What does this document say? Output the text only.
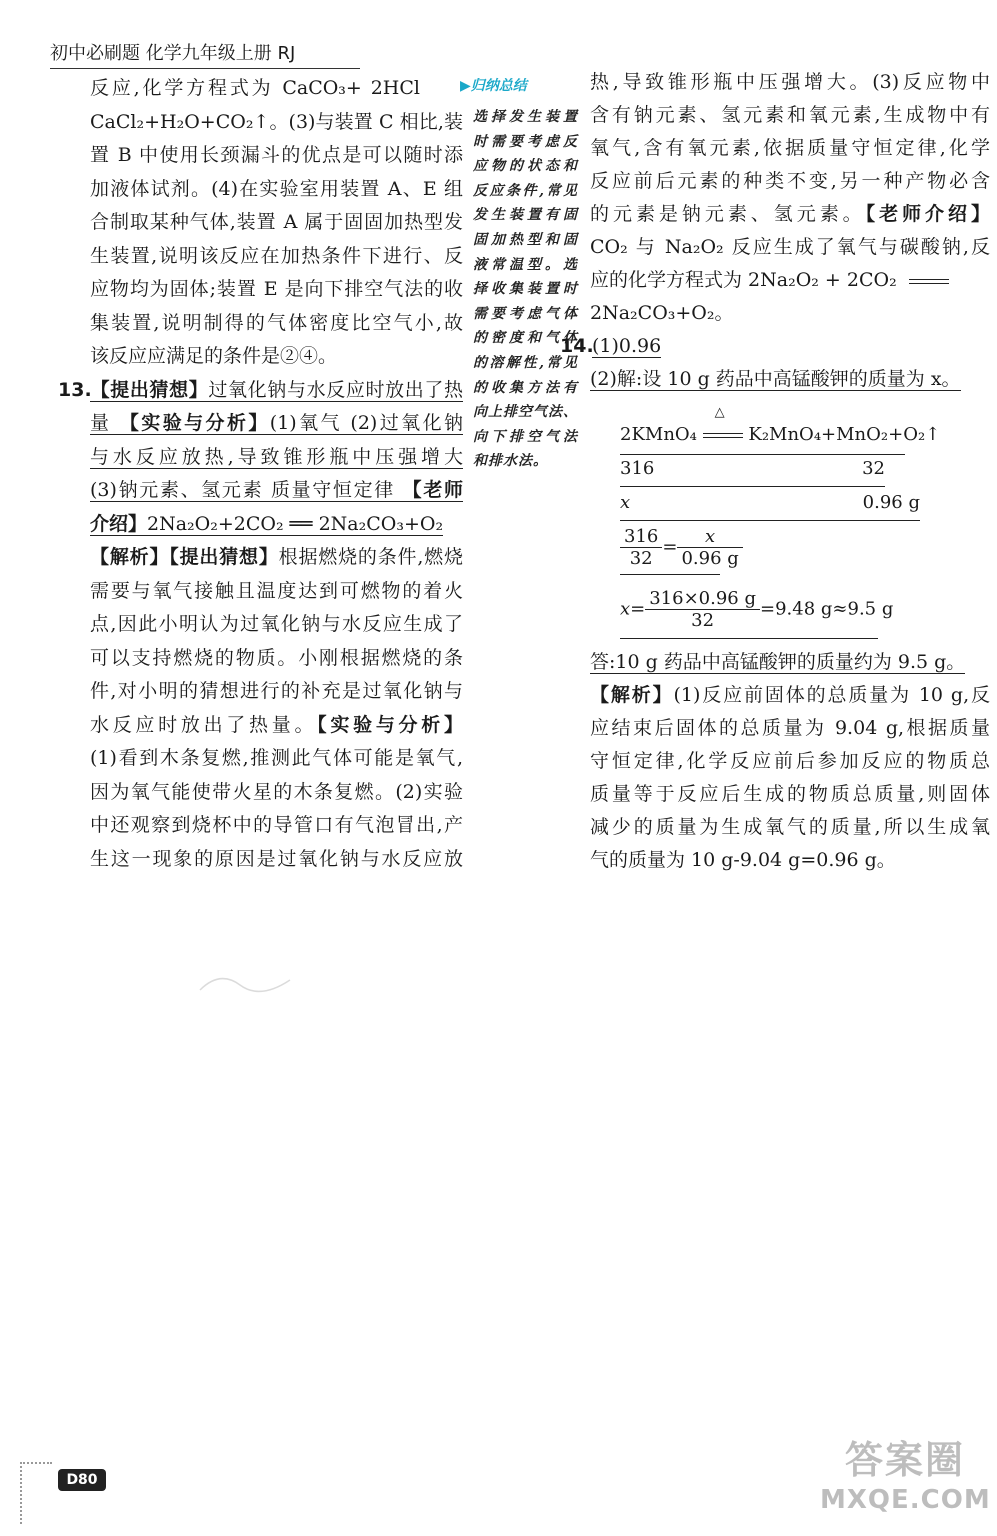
初中必刷题 化学九年级上册 RJ
▶归纳总结
选择发生装置
时需要考虑反
应物的状态和
反应条件,常见
发生装置有固
固加热型和固
液常温型。选
择收集装置时
需要考虑气体
的密度和气体
的溶解性,常见
的收集方法有
向上排空气法、
向下排空气法
和排水法。
反应,化学方程式为 CaCO₃+ 2HCl
CaCl₂+H₂O+CO₂↑。(3)与装置 C 相比,装
置 B 中使用长颈漏斗的优点是可以随时添
加液体试剂。(4)在实验室用装置 A、E 组
合制取某种气体,装置 A 属于固固加热型发
生装置,说明该反应在加热条件下进行、反
应物均为固体;装置 E 是向下排空气法的收
集装置,说明制得的气体密度比空气小,故
该反应应满足的条件是②④。
13.【提出猜想】过氧化钠与水反应时放出了热
量 【实验与分析】(1)氧气 (2)过氧化钠
与水反应放热,导致锥形瓶中压强增大
(3)钠元素、氢元素 质量守恒定律 【老师
介绍】2Na₂O₂+2CO₂ ══ 2Na₂CO₃+O₂
【解析】【提出猜想】根据燃烧的条件,燃烧
需要与氧气接触且温度达到可燃物的着火
点,因此小明认为过氧化钠与水反应生成了
可以支持燃烧的物质。小刚根据燃烧的条
件,对小明的猜想进行的补充是过氧化钠与
水反应时放出了热量。【实验与分析】
(1)看到木条复燃,推测此气体可能是氧气,
因为氧气能使带火星的木条复燃。(2)实验
中还观察到烧杯中的导管口有气泡冒出,产
生这一现象的原因是过氧化钠与水反应放
热,导致锥形瓶中压强增大。(3)反应物中
含有钠元素、氢元素和氧元素,生成物中有
氧气,含有氧元素,依据质量守恒定律,化学
反应前后元素的种类不变,另一种产物必含
的元素是钠元素、氢元素。【老师介绍】
CO₂ 与 Na₂O₂ 反应生成了氧气与碳酸钠,反
应的化学方程式为 2Na₂O₂ + 2CO₂
2Na₂CO₃+O₂。
14.(1)0.96
(2)解:设 10 g 药品中高锰酸钾的质量为 x。
2KMnO₄
△
K₂MnO₄+MnO₂+O₂↑
316	32
x	0.96 g
$\frac{316}{32} = \frac{x}{0.96 g}$
$x= \frac{316\times 0.96 g}{32} =9.48$ g≈9.5 g
答:10 g 药品中高锰酸钾的质量约为 9.5 g。
【解析】(1)反应前固体的总质量为 10 g,反
应结束后固体的总质量为 9.04 g,根据质量
守恒定律,化学反应前后参加反应的物质总
质量等于反应后生成的物质总质量,则固体
减少的质量为生成氧气的质量,所以生成氧
气的质量为 10 g-9.04 g=0.96 g。
D80	答案圈
MXQE.COM
